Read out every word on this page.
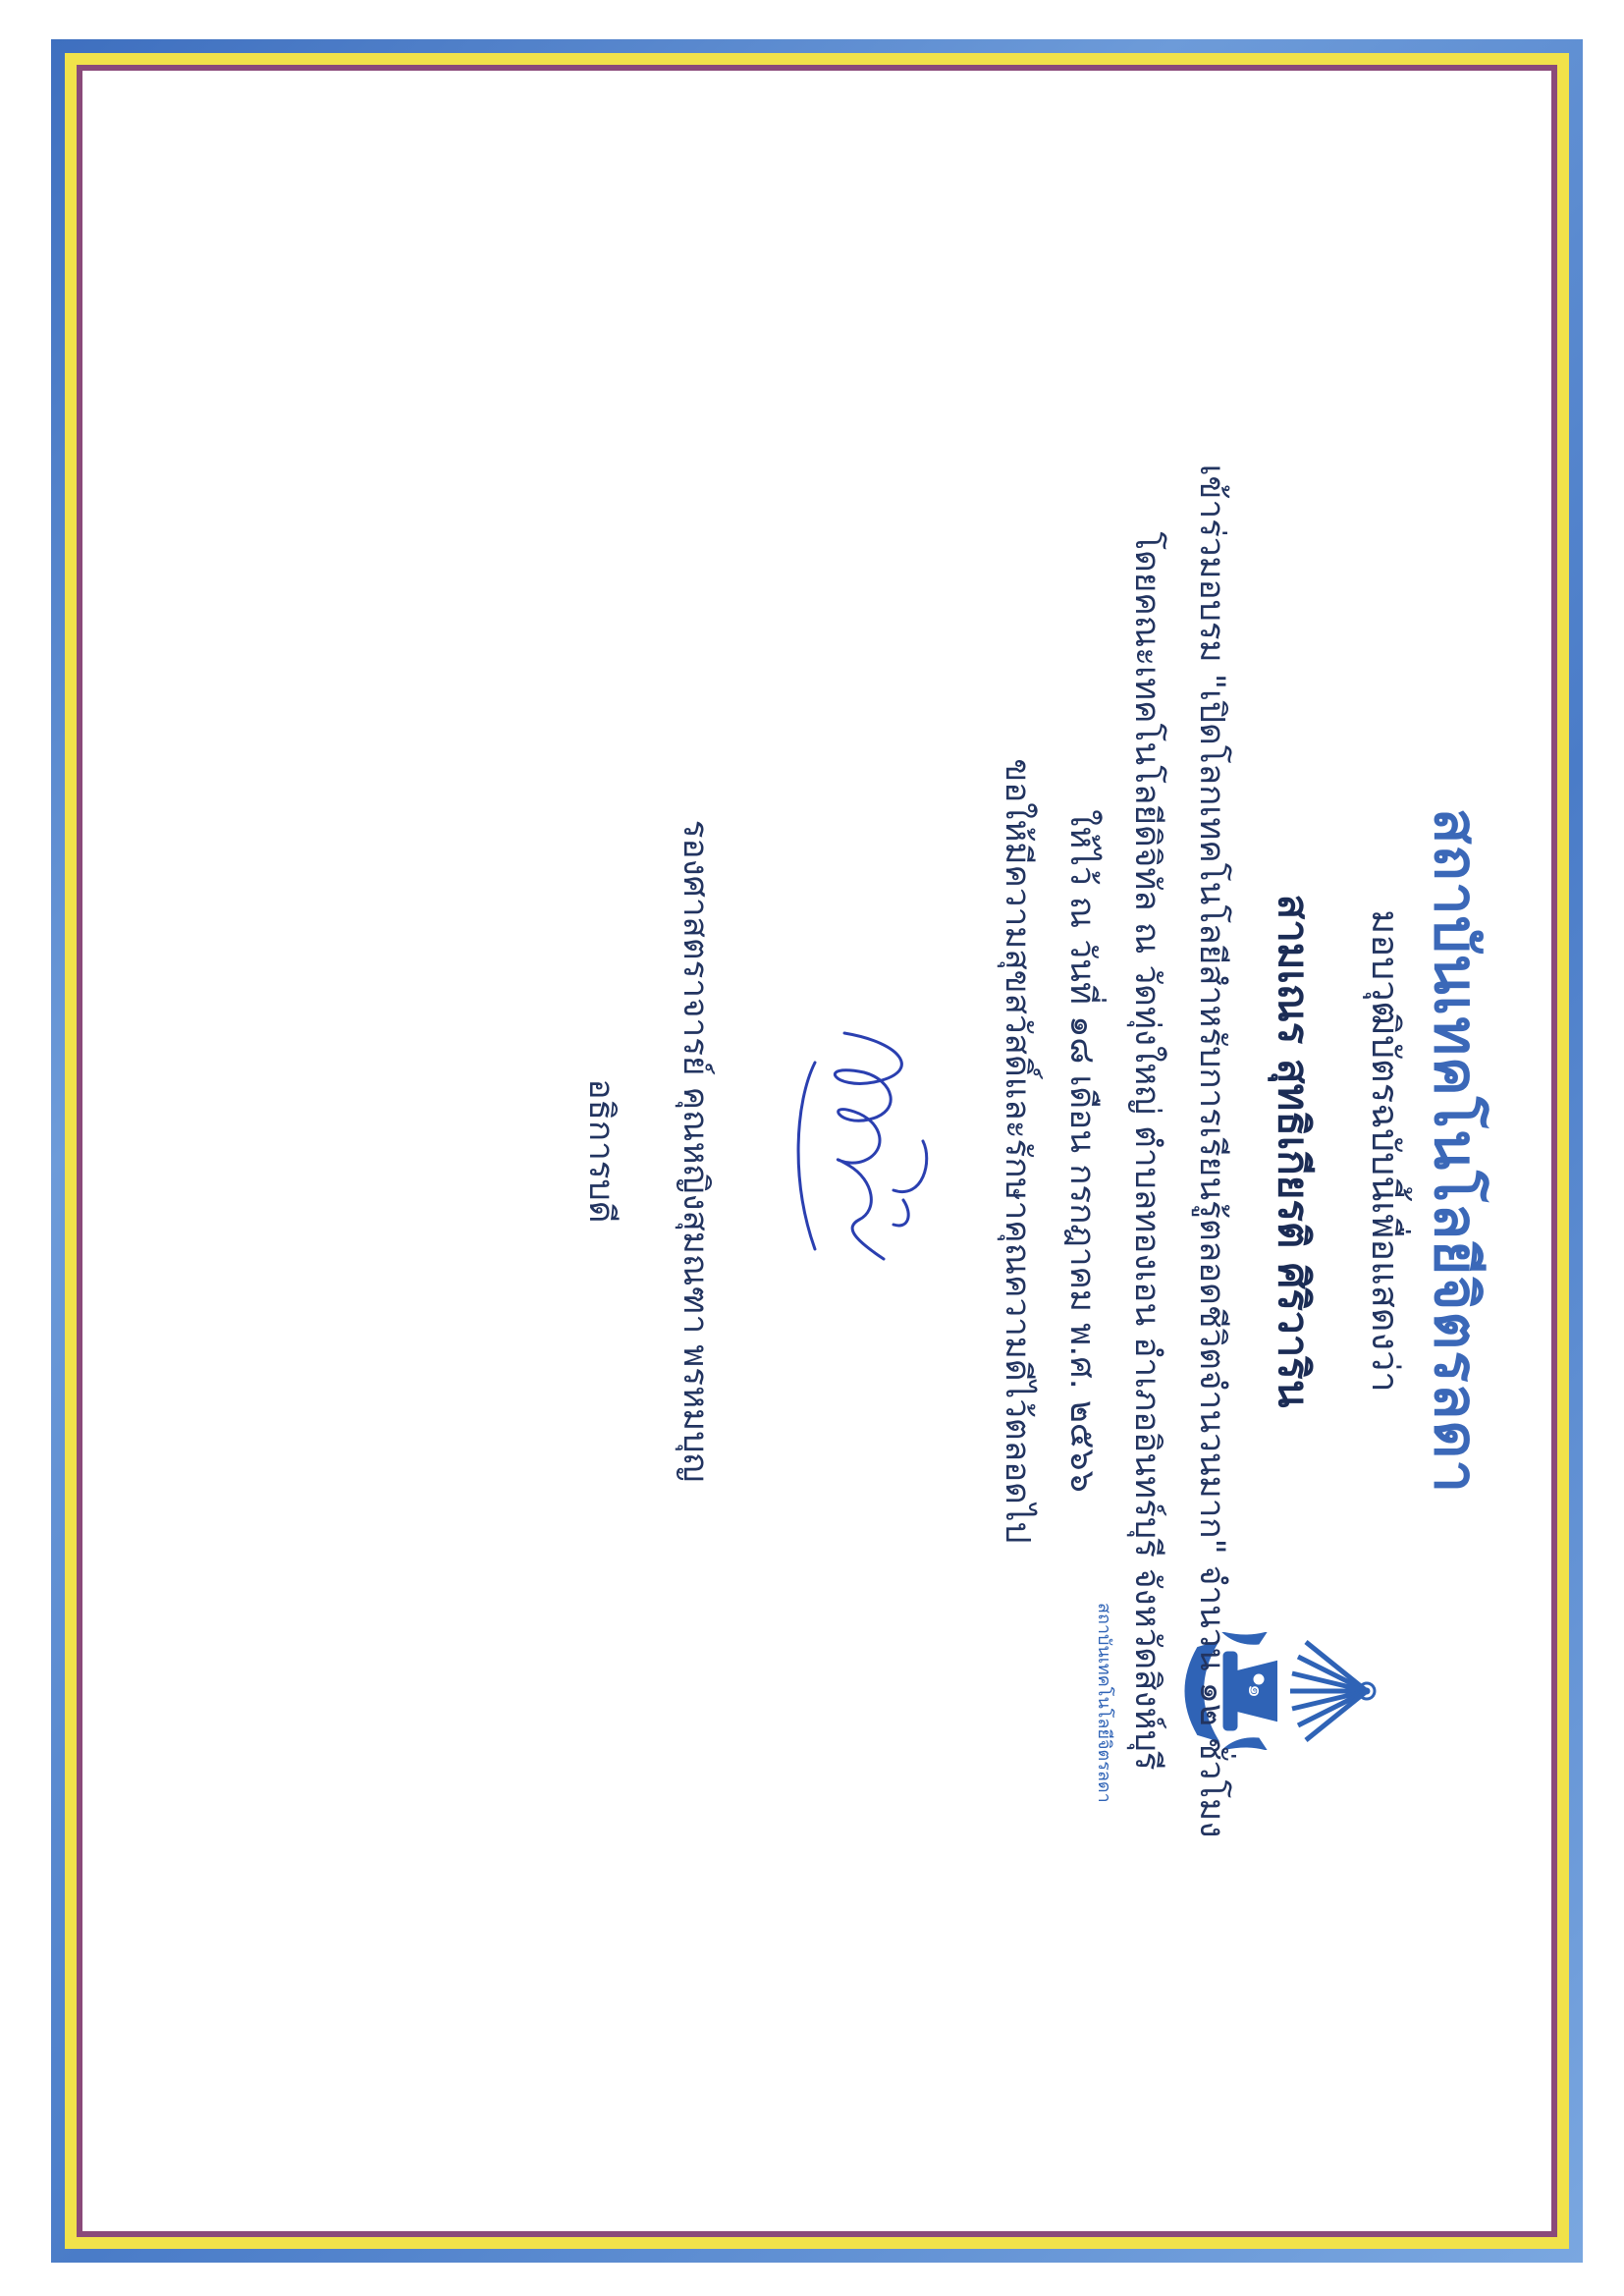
๑
สถาบันเทคโนโลยีจิตรลดา
สถาบันเทคโนโลยีจิตรลดา
มอบวุฒิบัตรฉบับนี้เพื่อแสดงว่า
สามเณร สุทธิเกียรติ ศิริวาริน
เข้าร่วมอบรม "เปิดโลกเทคโนโลยีสำหรับการเรียนรู้ตลอดชีวิตจำนวนมาก" จำนวน ๑๒ ชั่วโมง
โดยคณะเทคโนโลยีดิจิทัล ณ วัดทุ่งใหญ่ ตำบลทองเอน อำเภออินทร์บุรี จังหวัดสิงห์บุรี
ให้ไว้ ณ วันที่ ๑๘ เดือน กรกฎาคม พ.ศ. ๒๕๖๖
ขอให้มีความสุขสวัสดิ์และรักษาคุณความดีไว้ตลอดไป
รองศาสตราจารย์ คุณหญิงสุมณฑา พรหมบุญ
อธิการบดี
